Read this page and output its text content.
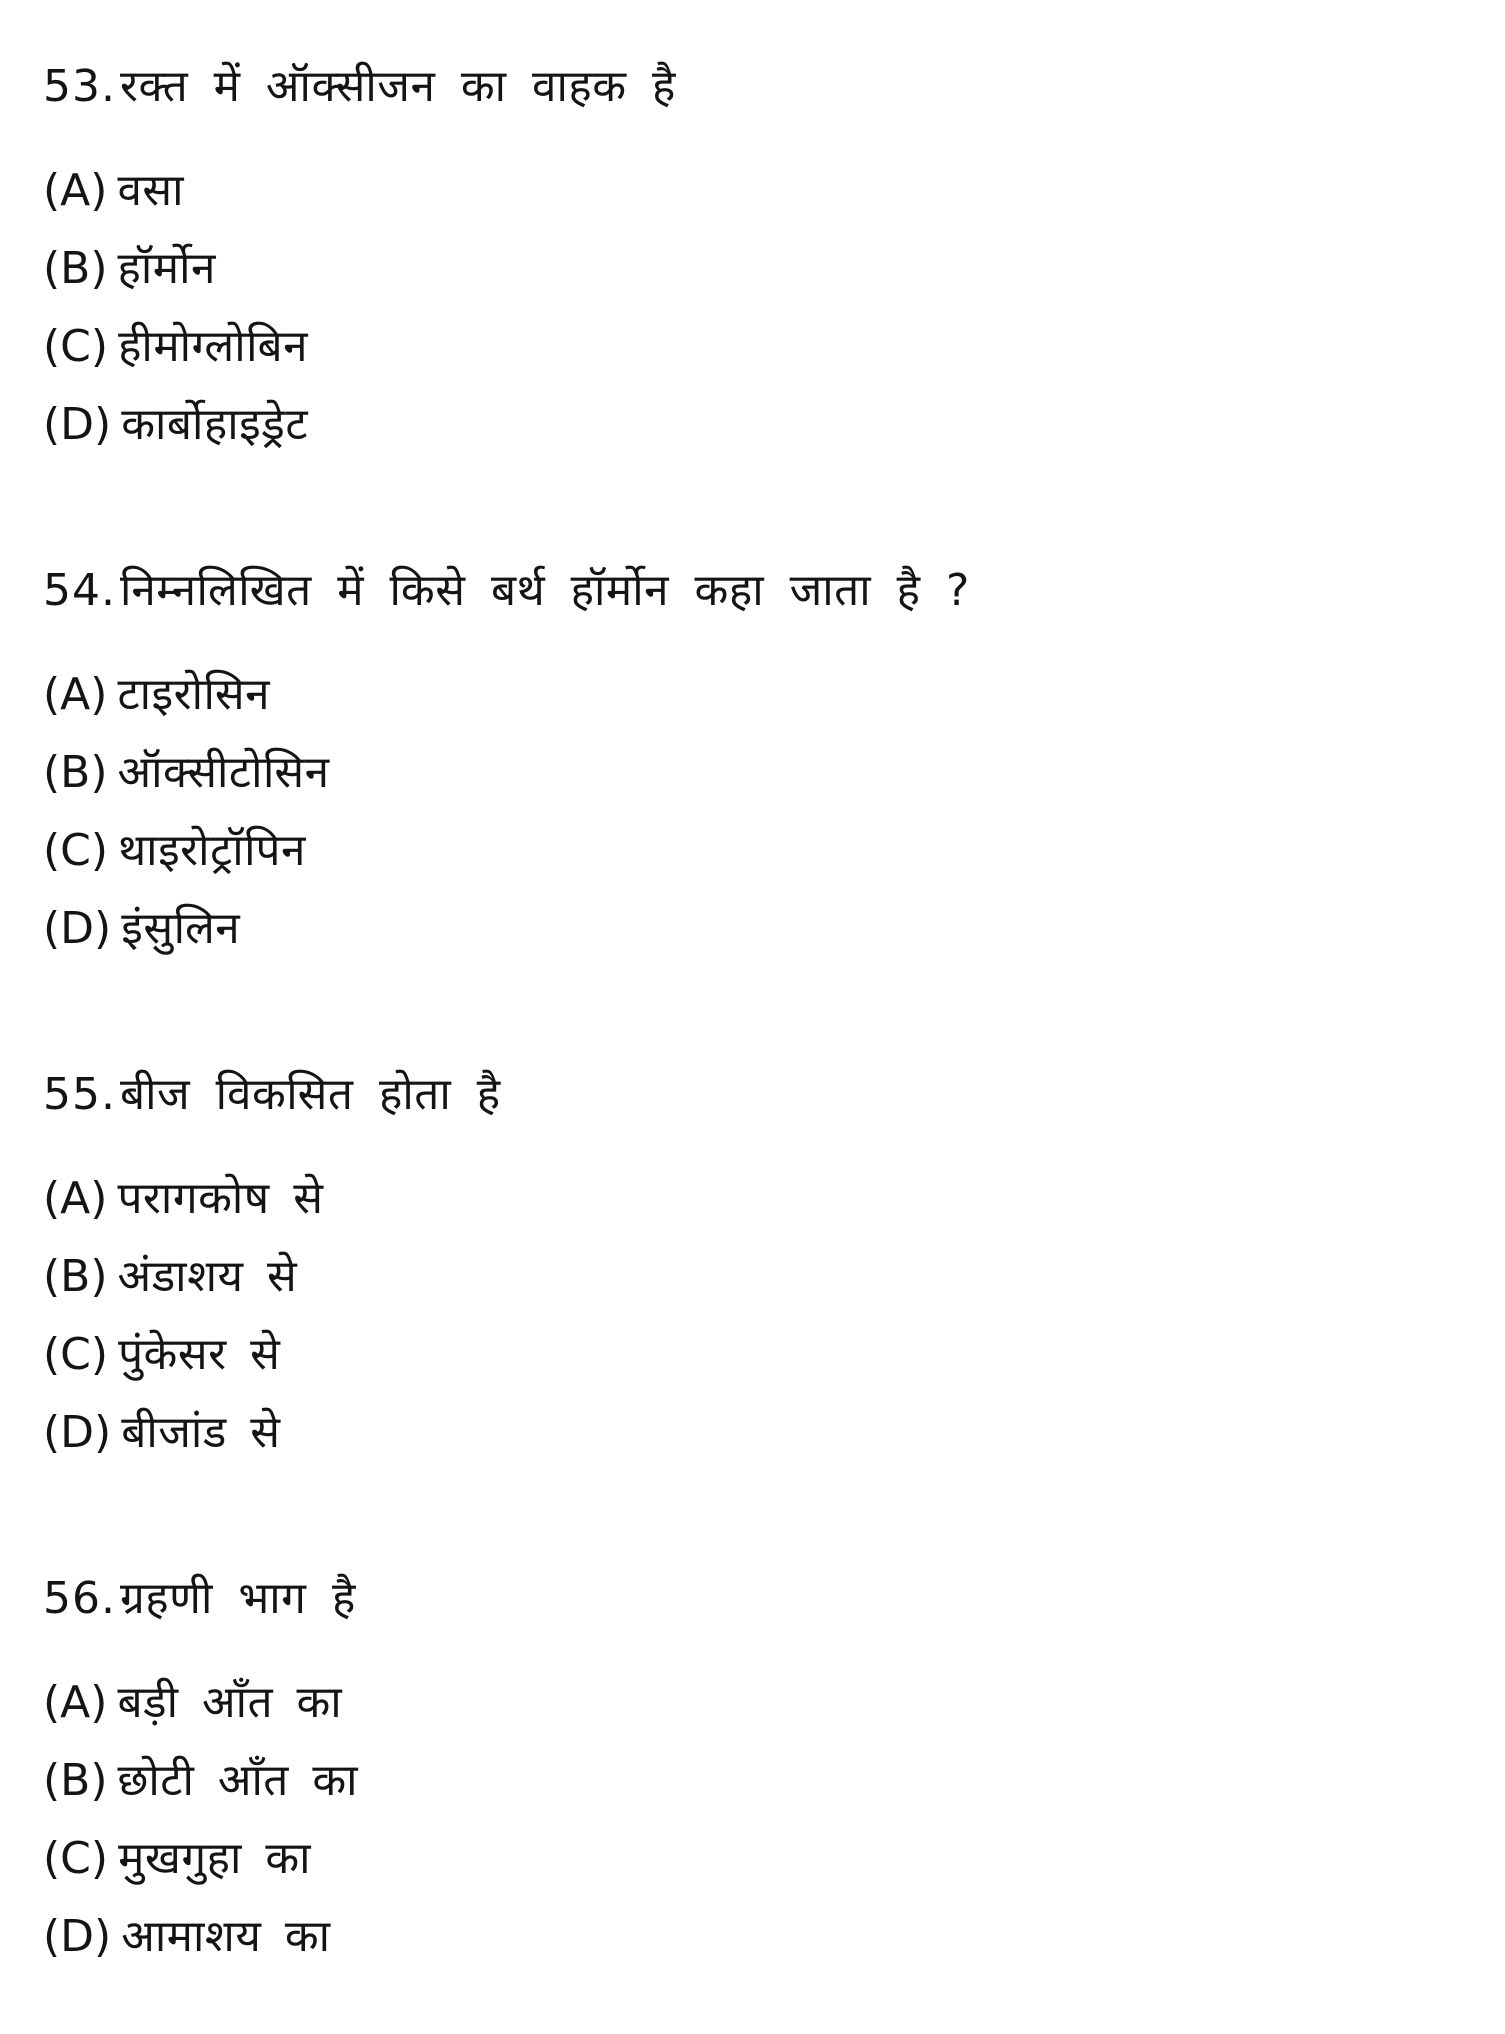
53. रक्त में ऑक्सीजन का वाहक है
(A) वसा
(B) हॉर्मोन
(C) हीमोग्लोबिन
(D) कार्बोहाइड्रेट
54. निम्नलिखित में किसे बर्थ हॉर्मोन कहा जाता है ?
(A) टाइरोसिन
(B) ऑक्सीटोसिन
(C) थाइरोट्रॉपिन
(D) इंसुलिन
55. बीज विकसित होता है
(A) परागकोष से
(B) अंडाशय से
(C) पुंकेसर से
(D) बीजांड से
56. ग्रहणी भाग है
(A) बड़ी आँत का
(B) छोटी आँत का
(C) मुखगुहा का
(D) आमाशय का
